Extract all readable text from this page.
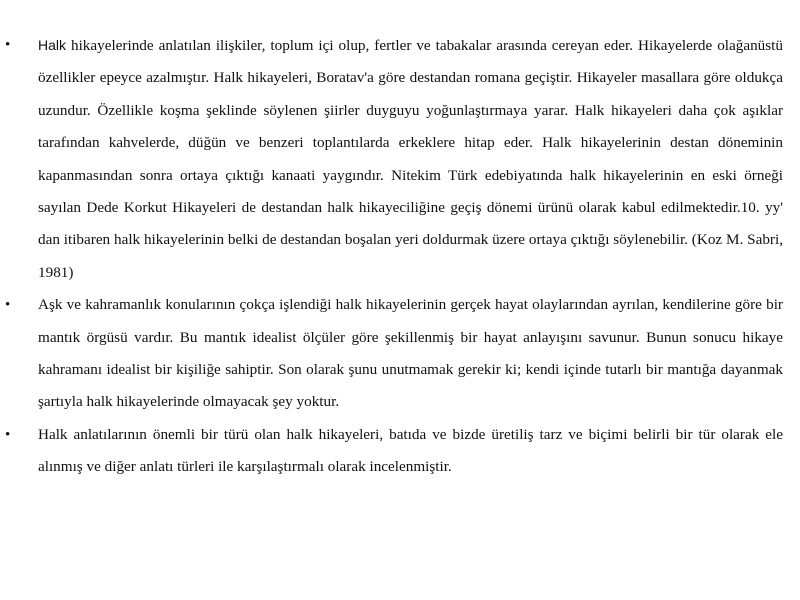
• Halk hikayelerinde anlatılan ilişkiler, toplum içi olup, fertler ve tabakalar arasında cereyan eder. Hikayelerde olağanüstü özellikler epeyce azalmıştır. Halk hikayeleri, Boratav'a göre destandan romana geçiştir. Hikayeler masallara göre oldukça uzundur. Özellikle koşma şeklinde söylenen şiirler duyguyu yoğunlaştırmaya yarar. Halk hikayeleri daha çok aşıklar tarafından kahvelerde, düğün ve benzeri toplantılarda erkeklere hitap eder. Halk hikayelerinin destan döneminin kapanmasından sonra ortaya çıktığı kanaati yaygındır. Nitekim Türk edebiyatında halk hikayelerinin en eski örneği sayılan Dede Korkut Hikayeleri de destandan halk hikayeciliğine geçiş dönemi ürünü olarak kabul edilmektedir.10. yy' dan itibaren halk hikayelerinin belki de destandan boşalan yeri doldurmak üzere ortaya çıktığı söylenebilir. (Koz M. Sabri, 1981)
• Aşk ve kahramanlık konularının çokça işlendiği halk hikayelerinin gerçek hayat olaylarından ayrılan, kendilerine göre bir mantık örgüsü vardır. Bu mantık idealist ölçüler göre şekillenmiş bir hayat anlayışını savunur. Bunun sonucu hikaye kahramanı idealist bir kişiliğe sahiptir. Son olarak şunu unutmamak gerekir ki; kendi içinde tutarlı bir mantığa dayanmak şartıyla halk hikayelerinde olmayacak şey yoktur.
• Halk anlatılarının önemli bir türü olan halk hikayeleri, batıda ve bizde üretiliş tarz ve biçimi belirli bir tür olarak ele alınmış ve diğer anlatı türleri ile karşılaştırmalı olarak incelenmiştir.
